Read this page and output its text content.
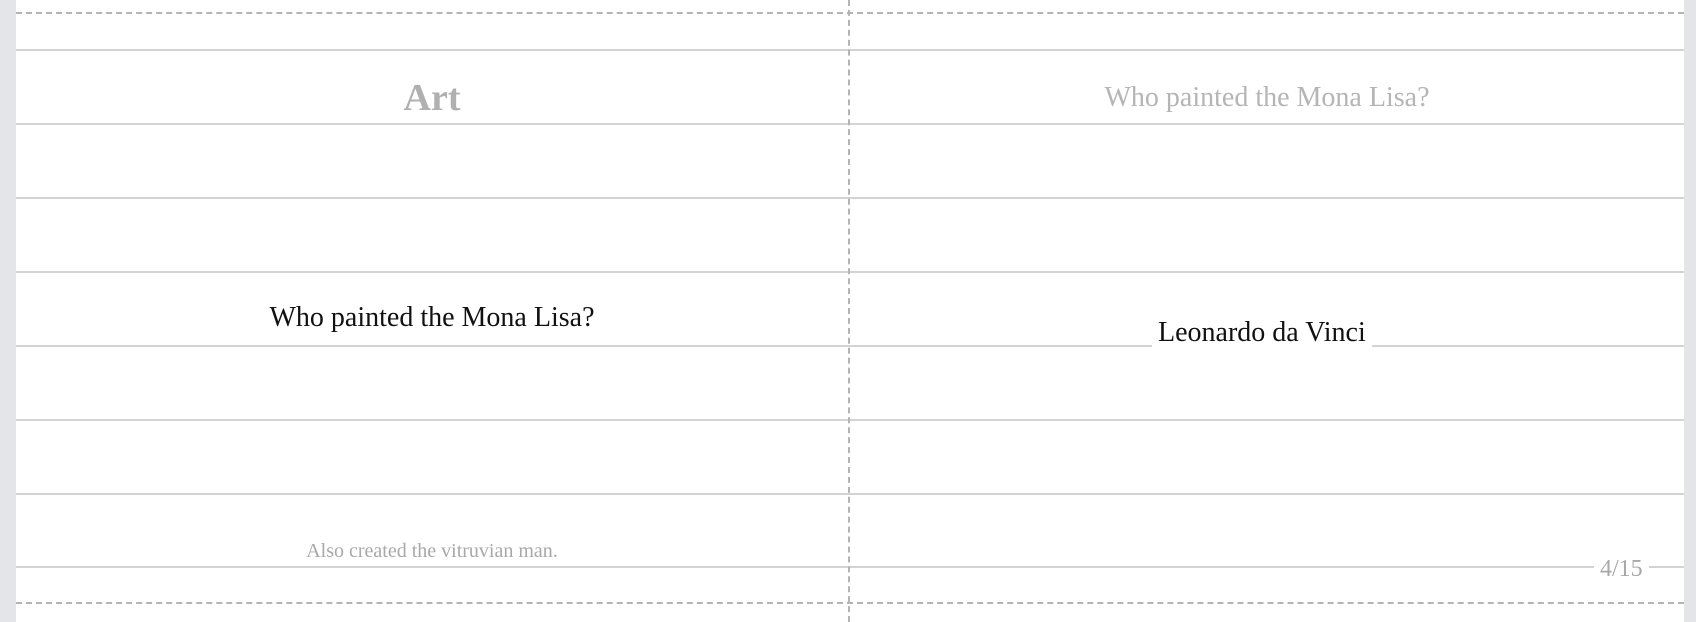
Art
Who painted the Mona Lisa?
Also created the vitruvian man.
Who painted the Mona Lisa?
Leonardo da Vinci
4/15
